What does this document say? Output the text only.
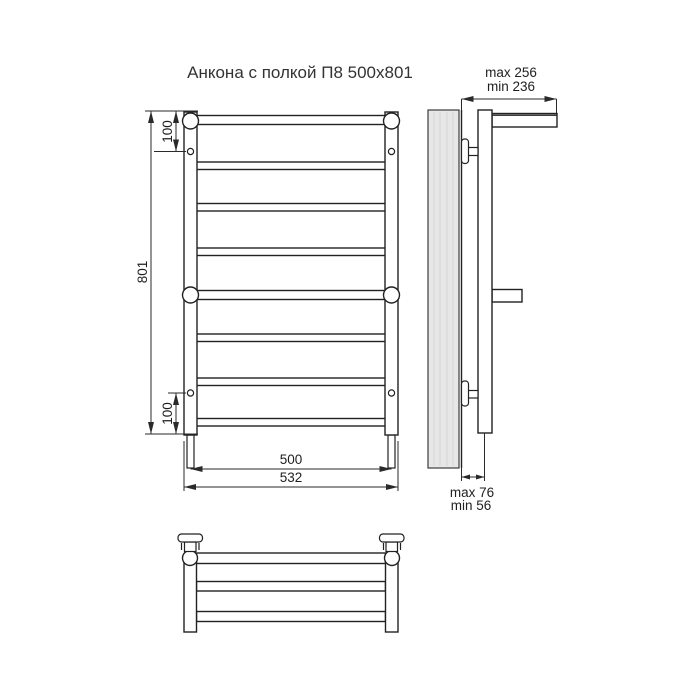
Анкона с полкой П8 500х801
801
100
100
500
532
max 256
min 236
max 76
min 56
